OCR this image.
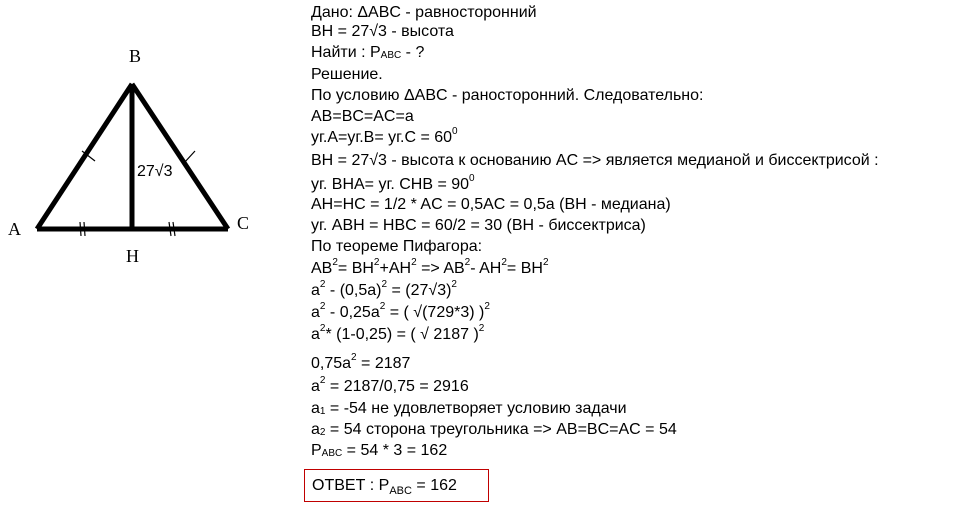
B
A	C
H
27√3
Дано: ΔABC - равносторонний
BH = 27√3 - высота
Найти : $P_{ABC}$ - ?
Решение.
По условию ΔABC - раносторонний. Следовательно:
AB=BC=AC=a
$уг.A=уг.B= уг.C = 60^0$
BH = 27√3 - высота к основанию AC => является медианой и биссектрисой :
уг. BHA= уг. CHB = $90^0$
AH=HC = 1/2 * AC = 0,5AC = 0,5a (BH - медиана)
уг. ABH = HBC = 60/2 = 30 (BH - биссектриса)
По теореме Пифагора:
$AB^2= BH^2+AH^2 => AB^2-$ $AH^2= BH^2$
$a^2 - (0,5a)^2 = (27√3)^2$
$a^2 - 0,25a^2$ = ( √(729*3) )$^2$
$a^2*$ (1-0,25) = ( √ 2187 )$^2$
$0,75a^2 = 2187$
$a^2 = 2187/0,75 = 2916$
$a_1 = -54$ не удовлетворяет условию задачи
$a_2 = 54$ сторона треугольника => AB=BC=AC = 54
$P_{ABC} = 54 * 3 = 162$
ОТВЕТ : $P_{ABC} = 162$
